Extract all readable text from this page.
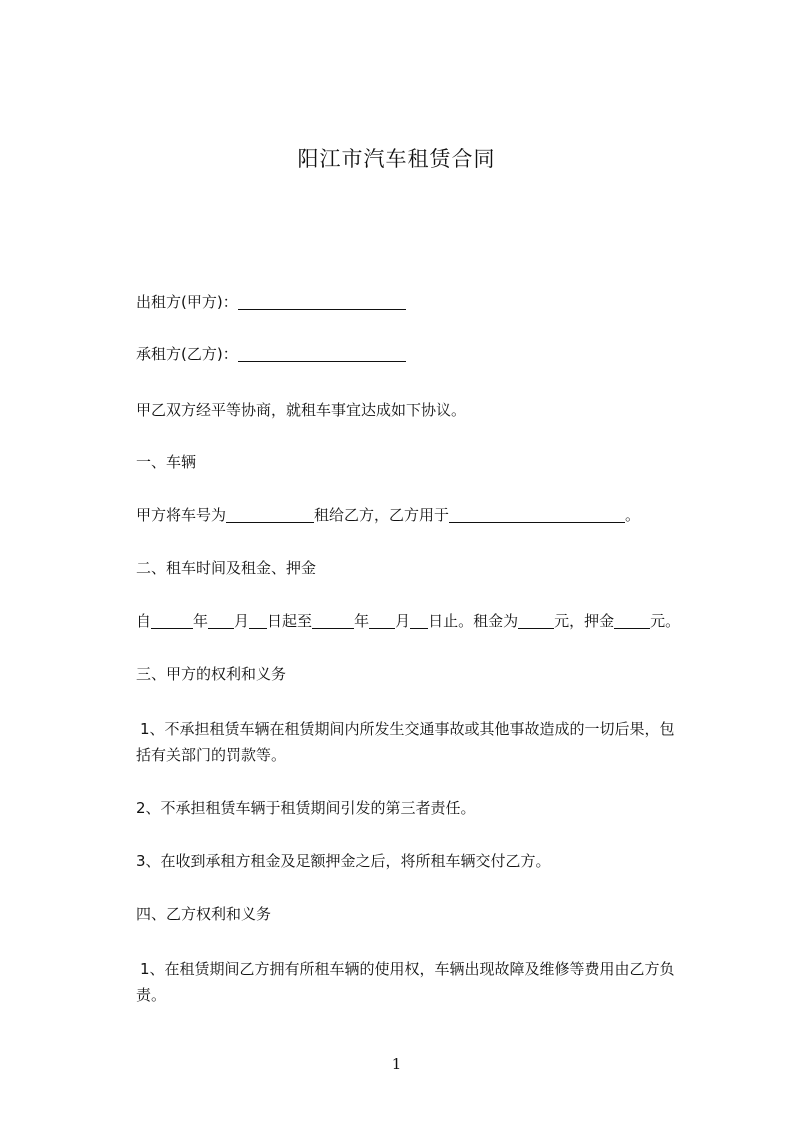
阳江市汽车租赁合同
出租方(甲方)：
承租方(乙方)：
甲乙双方经平等协商，就租车事宜达成如下协议。
一、车辆
甲方将车号为	租给乙方，乙方用于	。
二、租车时间及租金、押金
自	年 月 日起至	年 月 日止。租金为 元，押金 元。
三、甲方的权利和义务
1、不承担租赁车辆在租赁期间内所发生交通事故或其他事故造成的一切后果，包
括有关部门的罚款等。
2、不承担租赁车辆于租赁期间引发的第三者责任。
3、在收到承租方租金及足额押金之后，将所租车辆交付乙方。
四、乙方权利和义务
1、在租赁期间乙方拥有所租车辆的使用权，车辆出现故障及维修等费用由乙方负
责。
1
